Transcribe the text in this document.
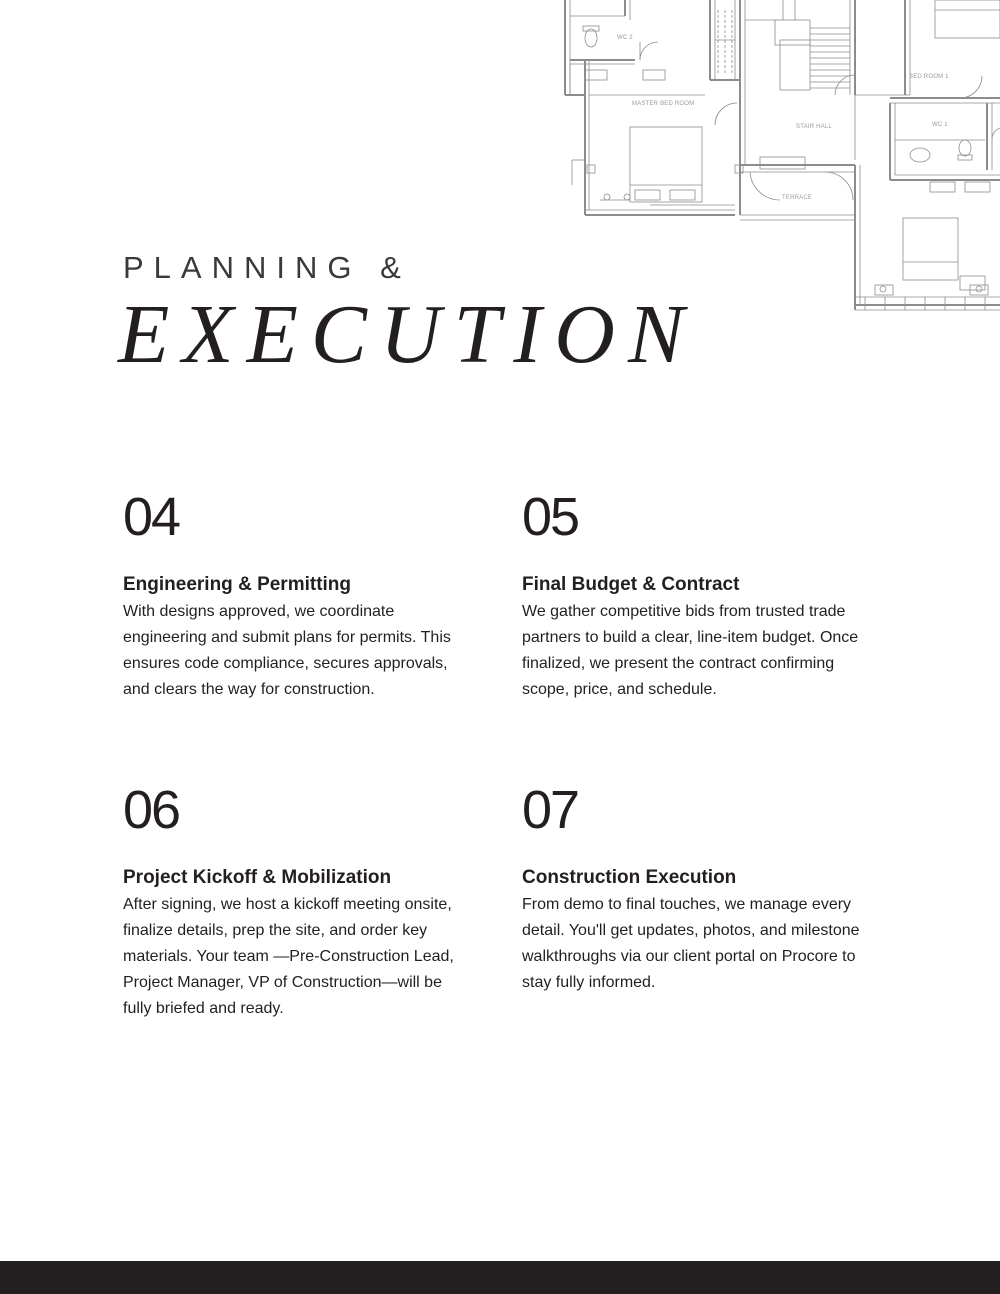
WC 2
MASTER BED ROOM
STAIR HALL
TERRACE
BED ROOM 1
WC 1
PLANNING &
EXECUTION
04
Engineering & Permitting

With designs approved, we coordinate engineering and submit plans for permits. This ensures code compliance, secures approvals, and clears the way for construction.

05
Final Budget & Contract

We gather competitive bids from trusted trade partners to build a clear, line-item budget. Once finalized, we present the contract confirming scope, price, and schedule.

06
Project Kickoff & Mobilization

After signing, we host a kickoff meeting onsite, finalize details, prep the site, and order key materials. Your team —Pre-Construction Lead, Project Manager, VP of Construction—will be fully briefed and ready.

07
Construction Execution

From demo to final touches, we manage every detail. You'll get updates, photos, and milestone walkthroughs via our client portal on Procore to stay fully informed.
